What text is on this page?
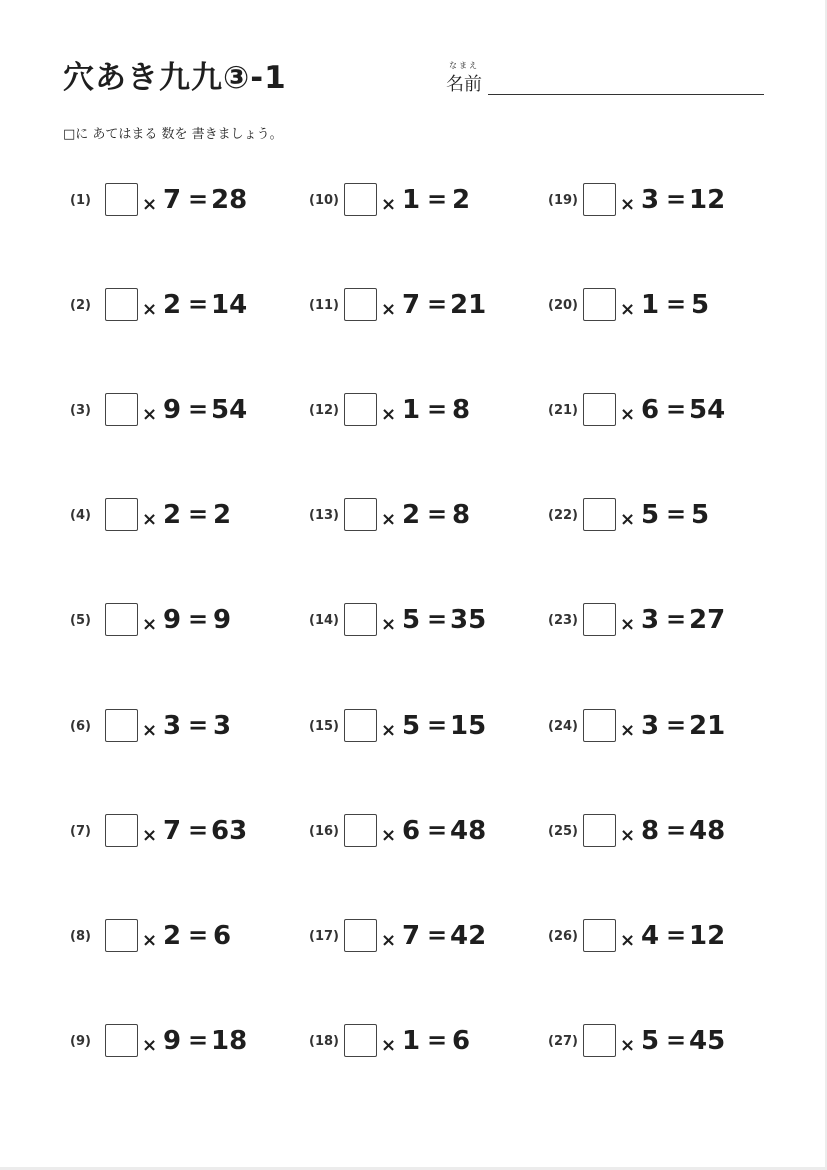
穴あき九九③-1	なまえ
名前
□に あてはまる 数を 書きましょう。
(1)	× 7 = 28
(2)	× 2 = 14
(3)	× 9 = 54
(4)	× 2 = 2
(5)	× 9 = 9
(6)	× 3 = 3
(7)	× 7 = 63
(8)	× 2 = 6
(9)	× 9 = 18
(10)	× 1 = 2
(11)	× 7 = 21
(12)	× 1 = 8
(13)	× 2 = 8
(14)	× 5 = 35
(15)	× 5 = 15
(16)	× 6 = 48
(17)	× 7 = 42
(18)	× 1 = 6
(19)	× 3 = 12
(20)	× 1 = 5
(21)	× 6 = 54
(22)	× 5 = 5
(23)	× 3 = 27
(24)	× 3 = 21
(25)	× 8 = 48
(26)	× 4 = 12
(27)	× 5 = 45
